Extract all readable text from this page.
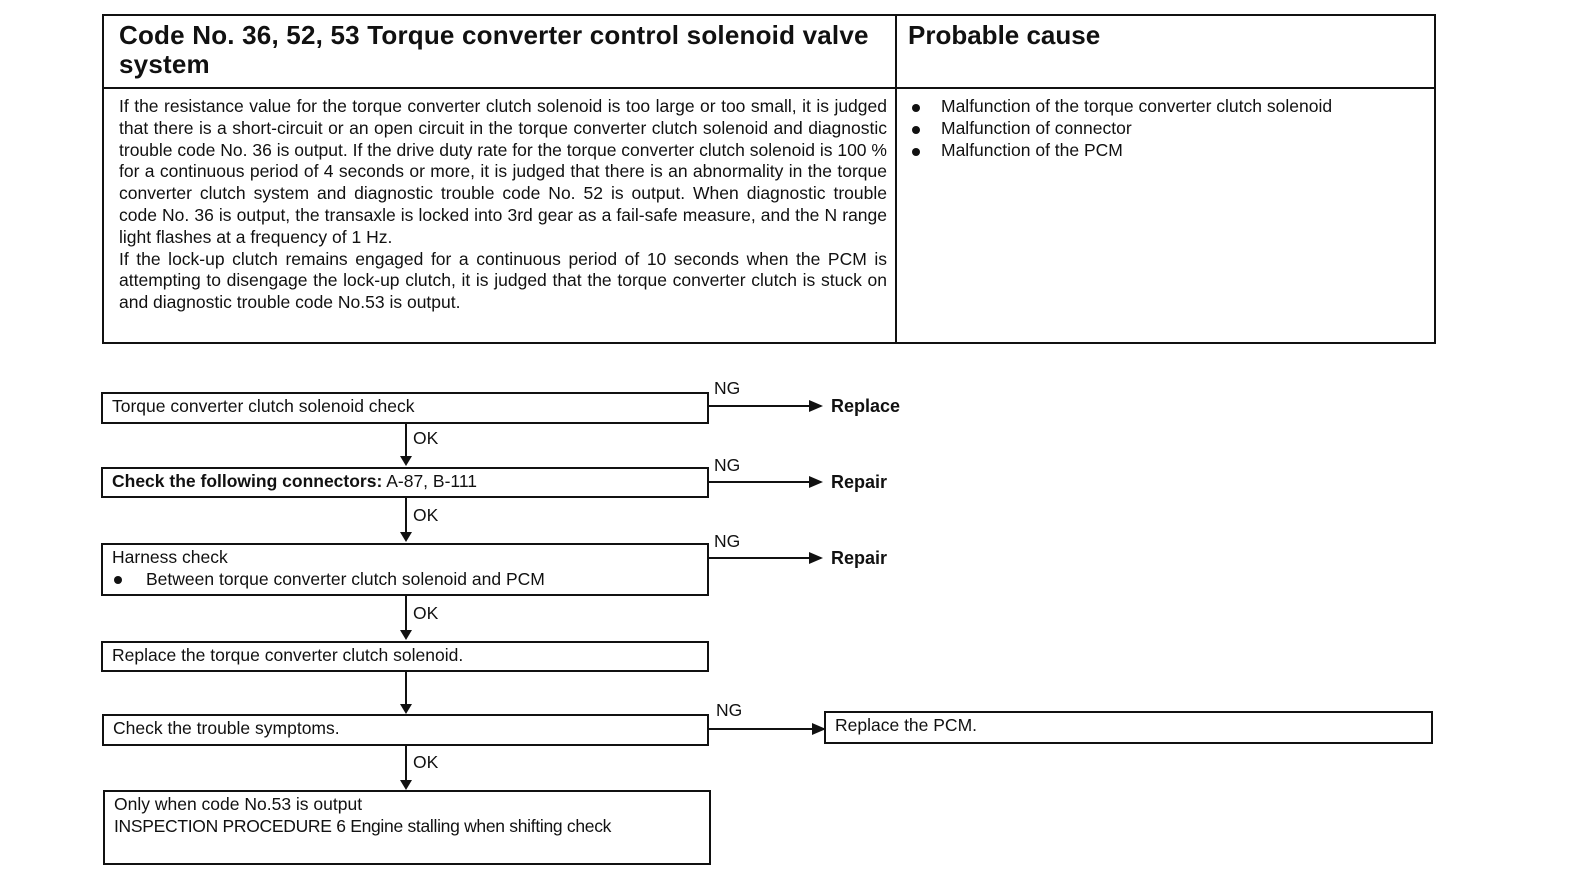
Code No. 36, 52, 53 Torque converter control solenoid valve system
Probable cause

If the resistance value for the torque converter clutch solenoid is too large or too small, it is judged that there is a short-circuit or an open circuit in the torque converter clutch solenoid and diagnostic trouble code No. 36 is output. If the drive duty rate for the torque converter clutch solenoid is 100 % for a continuous period of 4 seconds or more, it is judged that there is an abnormality in the torque converter clutch system and diagnostic trouble code No. 52 is output. When diagnostic trouble code No. 36 is output, the transaxle is locked into 3rd gear as a fail-safe measure, and the N range light flashes at a frequency of 1 Hz.

If the lock-up clutch remains engaged for a continuous period of 10 seconds when the PCM is attempting to disengage the lock-up clutch, it is judged that the torque converter clutch is stuck on and diagnostic trouble code No.53 is output.

Malfunction of the torque converter clutch solenoid
Malfunction of connector
Malfunction of the PCM
Torque converter clutch solenoid check
NG
Replace
OK
Check the following connectors: A-87, B-111
NG
Repair
OK
Harness check
Between torque converter clutch solenoid and PCM
NG
Repair
OK
Replace the torque converter clutch solenoid.
Check the trouble symptoms.
NG
Replace the PCM.
OK
Only when code No.53 is output
INSPECTION PROCEDURE 6 Engine stalling when shifting check
